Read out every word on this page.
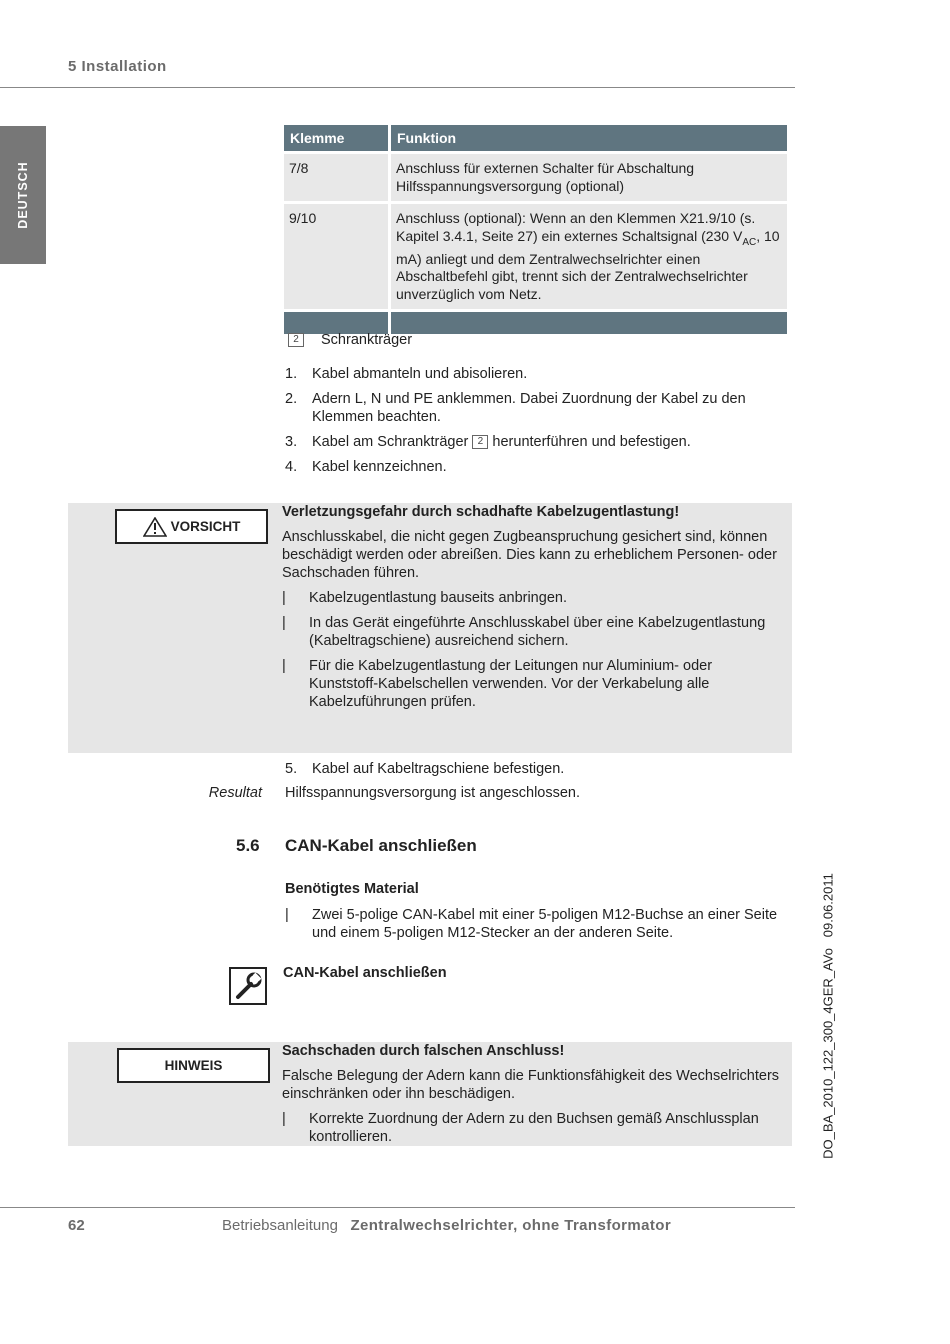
5 Installation
DEUTSCH
Klemme	Funktion
7/8	Anschluss für externen Schalter für Abschaltung Hilfsspannungsversorgung (optional)
9/10	Anschluss (optional): Wenn an den Klemmen X21.9/10 (s. Kapitel 3.4.1, Seite 27) ein externes Schaltsignal (230 $V_{AC}$, 10 mA) anliegt und dem Zentralwechselrichter einen Abschaltbefehl gibt, trennt sich der Zentralwechselrichter unverzüglich vom Netz.

2 Schrankträger
1. Kabel abmanteln und abisolieren.
2. Adern L, N und PE anklemmen. Dabei Zuordnung der Kabel zu den Klemmen beachten.
3. Kabel am Schrankträger 2 herunterführen und befestigen.
4. Kabel kennzeichnen.
VORSICHT
Verletzungsgefahr durch schadhafte Kabelzugentlastung!

Anschlusskabel, die nicht gegen Zugbeanspruchung gesichert sind, können beschädigt werden oder abreißen. Dies kann zu erheblichem Personen- oder Sachschaden führen.

| Kabelzugentlastung bauseits anbringen.
| In das Gerät eingeführte Anschlusskabel über eine Kabelzugentlastung (Kabeltragschiene) ausreichend sichern.
| Für die Kabelzugentlastung der Leitungen nur Aluminium- oder Kunststoff-Kabelschellen verwenden. Vor der Verkabelung alle Kabelzuführungen prüfen.
5. Kabel auf Kabeltragschiene befestigen.
Resultat Hilfsspannungsversorgung ist angeschlossen.
5.6 CAN-Kabel anschließen
Benötigtes Material
| Zwei 5-polige CAN-Kabel mit einer 5-poligen M12-Buchse an einer Seite und einem 5-poligen M12-Stecker an der anderen Seite.
CAN-Kabel anschließen
HINWEIS
Sachschaden durch falschen Anschluss!

Falsche Belegung der Adern kann die Funktionsfähigkeit des Wechselrichters einschränken oder ihn beschädigen.

| Korrekte Zuordnung der Adern zu den Buchsen gemäß Anschlussplan kontrollieren.	DO_BA_2010_122_300_4GER_AVo   09.06.2011
62	Betriebsanleitung Zentralwechselrichter, ohne Transformator
